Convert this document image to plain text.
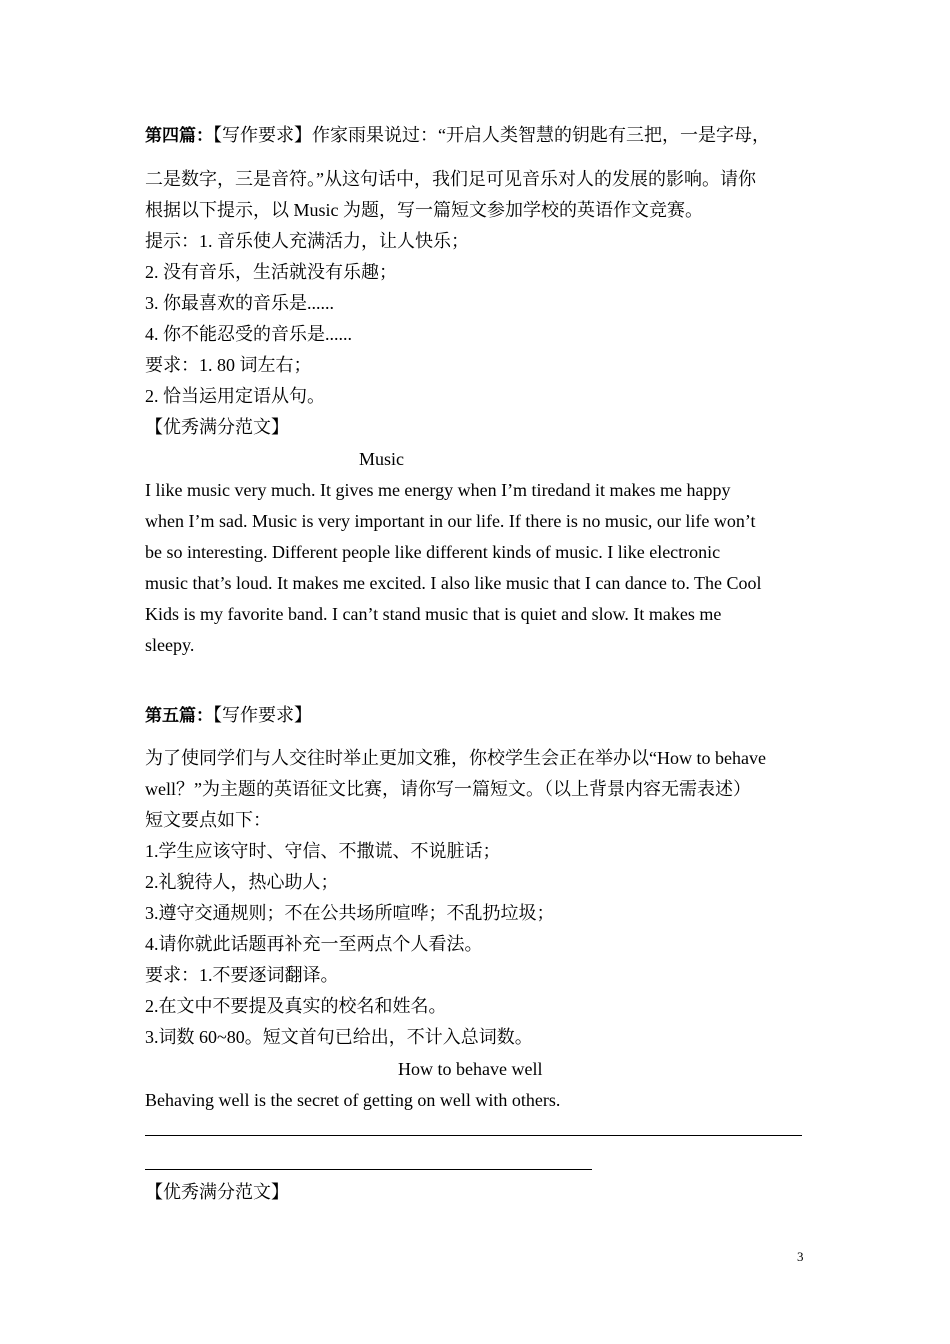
第四篇：【写作要求】作家雨果说过：“开启人类智慧的钥匙有三把，一是字母，
二是数字，三是音符。”从这句话中，我们足可见音乐对人的发展的影响。请你
根据以下提示，以 Music 为题，写一篇短文参加学校的英语作文竞赛。
提示：1. 音乐使人充满活力，让人快乐；
2. 没有音乐，生活就没有乐趣；
3. 你最喜欢的音乐是......
4. 你不能忍受的音乐是......
要求：1. 80 词左右；
2. 恰当运用定语从句。
【优秀满分范文】
Music
I like music very much. It gives me energy when I’m tiredand it makes me happy
when I’m sad. Music is very important in our life. If there is no music, our life won’t
be so interesting. Different people like different kinds of music. I like electronic
music that’s loud. It makes me excited. I also like music that I can dance to. The Cool
Kids is my favorite band. I can’t stand music that is quiet and slow. It makes me
sleepy.
第五篇：【写作要求】
为了使同学们与人交往时举止更加文雅，你校学生会正在举办以“How to behave
well？”为主题的英语征文比赛，请你写一篇短文。（以上背景内容无需表述）
短文要点如下：
1.学生应该守时、守信、不撒谎、不说脏话；
2.礼貌待人，热心助人；
3.遵守交通规则；不在公共场所喧哗；不乱扔垃圾；
4.请你就此话题再补充一至两点个人看法。
要求：1.不要逐词翻译。
2.在文中不要提及真实的校名和姓名。
3.词数 60~80。短文首句已给出，不计入总词数。
How to behave well
Behaving well is the secret of getting on well with others.
【优秀满分范文】
3
